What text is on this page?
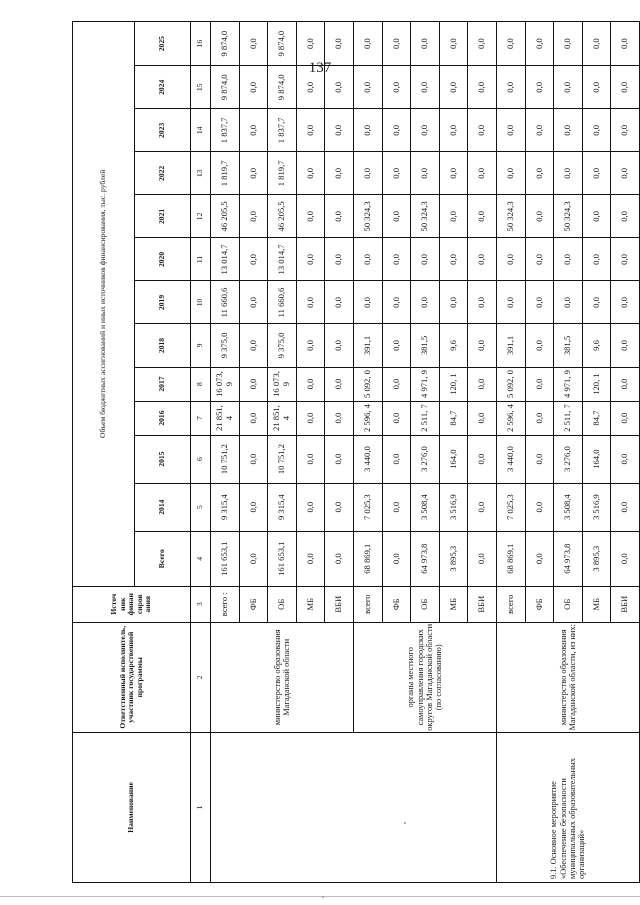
137
Наименование	Ответственный исполнитель, участник государственной программы	Источ ник финан сиров ания	Объем бюджетных ассигнований и иных источников финансирования, тыс. рублей												
			Всего	2014	2015	2016	2017	2018	2019	2020	2021	2022	2023	2024	2025
1	2	3	4	5	6	7	8	9	10	11	12	13	14	15	16
	министерство образования Магаданской области	всего :	161 653,1	9 315,4	10 751,2	21 851, 4	16 073, 9	9 375,0	11 660,6	13 014,7	46 205,5	1 819,7	1 837,7	9 874,0	9 874,0
		ФБ	0,0	0,0	0,0	0,0	0,0	0,0	0,0	0,0	0,0	0,0	0,0	0,0	0,0
		ОБ	161 653,1	9 315,4	10 751,2	21 851, 4	16 073, 9	9 375,0	11 660,6	13 014,7	46 205,5	1 819,7	1 837,7	9 874,0	9 874,0
		МБ	0,0	0,0	0,0	0,0	0,0	0,0	0,0	0,0	0,0	0,0	0,0	0,0	0,0
		ВБИ	0,0	0,0	0,0	0,0	0,0	0,0	0,0	0,0	0,0	0,0	0,0	0,0	0,0
	органы местного самоуправления городских округов Магаданской области (по согласованию)	всего	68 869,1	7 025,3	3 440,0	2 596, 4	5 092, 0	391,1	0,0	0,0	50 324,3	0,0	0,0	0,0	0,0
		ФБ	0,0	0,0	0,0	0,0	0,0	0,0	0,0	0,0	0,0	0,0	0,0	0,0	0,0
		ОБ	64 973,8	3 508,4	3 276,0	2 511, 7	4 971, 9	381,5	0,0	0,0	50 324,3	0,0	0,0	0,0	0,0
		МБ	3 895,3	3 516,9	164,0	84,7	120, 1	9,6	0,0	0,0	0,0	0,0	0,0	0,0	0,0
		ВБИ	0,0	0,0	0,0	0,0	0,0	0,0	0,0	0,0	0,0	0,0	0,0	0,0	0,0
9.1. Основное мероприятие «Обеспечение безопасности муниципальных образовательных организаций»	министерство образования Магаданской области, из них:	всего	68 869,1	7 025,3	3 440,0	2 596, 4	5 092, 0	391,1	0,0	0,0	50 324,3	0,0	0,0	0,0	0,0
		ФБ	0,0	0,0	0,0	0,0	0,0	0,0	0,0	0,0	0,0	0,0	0,0	0,0	0,0
		ОБ	64 973,8	3 508,4	3 276,0	2 511, 7	4 971, 9	381,5	0,0	0,0	50 324,3	0,0	0,0	0,0	0,0
		МБ	3 895,3	3 516,9	164,0	84,7	120, 1	9,6	0,0	0,0	0,0	0,0	0,0	0,0	0,0
		ВБИ	0,0	0,0	0,0	0,0	0,0	0,0	0,0	0,0	0,0	0,0	0,0	0,0	0,0
